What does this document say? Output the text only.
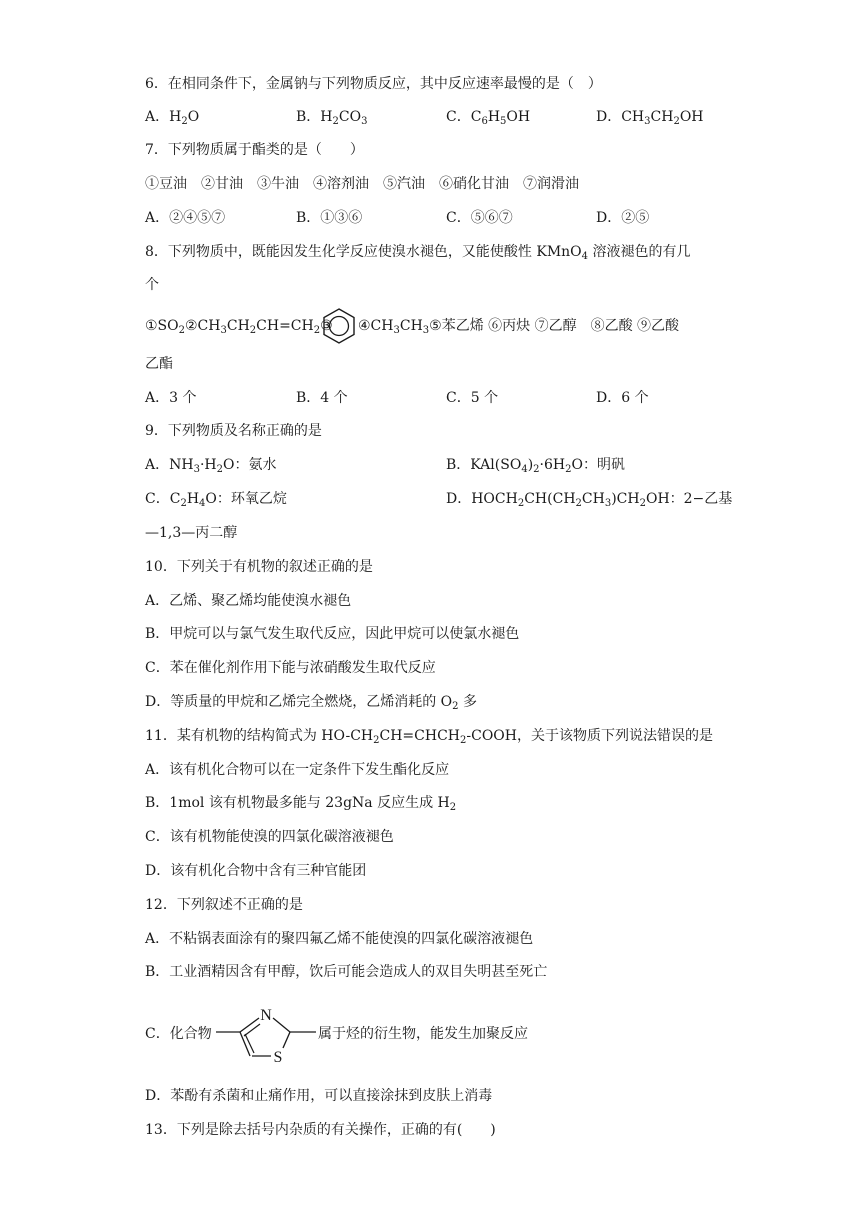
6．在相同条件下，金属钠与下列物质反应，其中反应速率最慢的是（　）
A．$H_2O$	B．$H_2CO_3$	C．$C_6H_5OH$	D．$CH_3CH_2OH$
7．下列物质属于酯类的是（　　）
①豆油　②甘油　③牛油　④溶剂油　⑤汽油　⑥硝化甘油　⑦润滑油
A．②④⑤⑦	B．①③⑥	C．⑤⑥⑦	D．②⑤
8．下列物质中，既能因发生化学反应使溴水褪色，又能使酸性 KMnO$_4$ 溶液褪色的有几
个
$①SO_2②CH_3CH_2CH=CH_2③$ $④CH_3CH_3⑤$苯乙烯 ⑥丙炔 ⑦乙醇　⑧乙酸 ⑨乙酸
乙酯
A．3 个	B．4 个	C．5 个	D．6 个
9．下列物质及名称正确的是
A．$NH_3\cdot H_2O$：氨水	B．$KAl(SO_4)_2\cdot 6H_2O$：明矾
C．$C_2H_4O$：环氧乙烷	D．$HOCH_2CH(CH_2CH_3)CH_2OH$：2−乙基
—1,3—丙二醇
10．下列关于有机物的叙述正确的是
A．乙烯、聚乙烯均能使溴水褪色
B．甲烷可以与氯气发生取代反应，因此甲烷可以使氯水褪色
C．苯在催化剂作用下能与浓硝酸发生取代反应
D．等质量的甲烷和乙烯完全燃烧，乙烯消耗的 $O_2$ 多
11．某有机物的结构简式为 $HO-CH_2CH=CHCH_2$-COOH，关于该物质下列说法错误的是
A．该有机化合物可以在一定条件下发生酯化反应
B．1mol 该有机物最多能与 23gNa 反应生成 $H_2$
C．该有机物能使溴的四氯化碳溶液褪色
D．该有机化合物中含有三种官能团
12．下列叙述不正确的是
A．不粘锅表面涂有的聚四氟乙烯不能使溴的四氯化碳溶液褪色
B．工业酒精因含有甲醇，饮后可能会造成人的双目失明甚至死亡
C．化合物
N
S
属于烃的衍生物，能发生加聚反应
D．苯酚有杀菌和止痛作用，可以直接涂抹到皮肤上消毒
13．下列是除去括号内杂质的有关操作，正确的有(　　)
